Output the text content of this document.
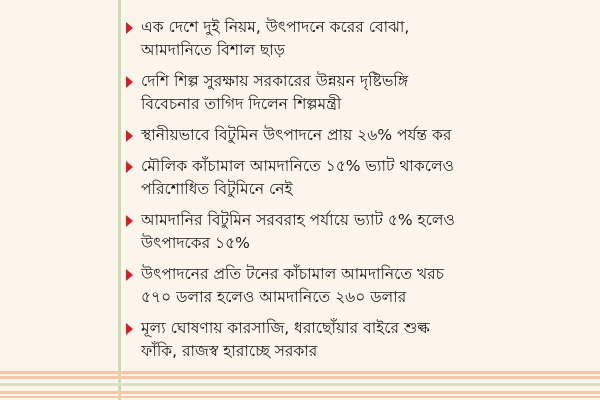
এক দেশে দুই নিয়ম, উৎপাদনে করের বোঝা,
আমদানিতে বিশাল ছাড়
দেশি শিল্প সুরক্ষায় সরকারের উন্নয়ন দৃষ্টিভঙ্গি
বিবেচনার তাগিদ দিলেন শিল্পমন্ত্রী
স্থানীয়ভাবে বিটুমিন উৎপাদনে প্রায় ২৬% পর্যন্ত কর
মৌলিক কাঁচামাল আমদানিতে ১৫% ভ্যাট থাকলেও
পরিশোধিত বিটুমিনে নেই
আমদানির বিটুমিন সরবরাহ পর্যায়ে ভ্যাট ৫% হলেও
উৎপাদকের ১৫%
উৎপাদনের প্রতি টনের কাঁচামাল আমদানিতে খরচ
৫৭০ ডলার হলেও আমদানিতে ২৬০ ডলার
মূল্য ঘোষণায় কারসাজি, ধরাছোঁয়ার বাইরে শুল্ক
ফাঁকি, রাজস্ব হারাচ্ছে সরকার
